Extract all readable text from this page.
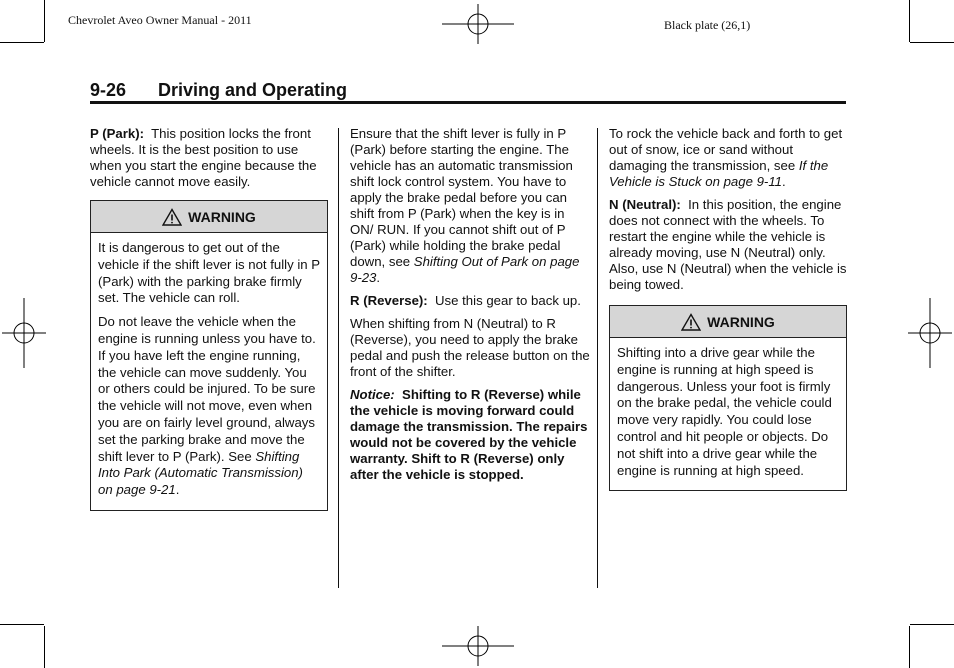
Chevrolet Aveo Owner Manual - 2011	Black plate (26,1)
9-26 Driving and Operating

P (Park): This position locks the front wheels. It is the best position to use when you start the engine because the vehicle cannot move easily.

WARNING

It is dangerous to get out of the vehicle if the shift lever is not fully in P (Park) with the parking brake firmly set. The vehicle can roll.

Do not leave the vehicle when the engine is running unless you have to. If you have left the engine running, the vehicle can move suddenly. You or others could be injured. To be sure the vehicle will not move, even when you are on fairly level ground, always set the parking brake and move the shift lever to P (Park). See Shifting Into Park (Automatic Transmission) on page 9-21.

Ensure that the shift lever is fully in P (Park) before starting the engine. The vehicle has an automatic transmission shift lock control system. You have to apply the brake pedal before you can shift from P (Park) when the key is in ON/ RUN. If you cannot shift out of P (Park) while holding the brake pedal down, see Shifting Out of Park on page 9-23.

R (Reverse): Use this gear to back up.

When shifting from N (Neutral) to R (Reverse), you need to apply the brake pedal and push the release button on the front of the shifter.

Notice: Shifting to R (Reverse) while the vehicle is moving forward could damage the transmission. The repairs would not be covered by the vehicle warranty. Shift to R (Reverse) only after the vehicle is stopped.

To rock the vehicle back and forth to get out of snow, ice or sand without damaging the transmission, see If the Vehicle is Stuck on page 9-11.

N (Neutral): In this position, the engine does not connect with the wheels. To restart the engine while the vehicle is already moving, use N (Neutral) only. Also, use N (Neutral) when the vehicle is being towed.

WARNING

Shifting into a drive gear while the engine is running at high speed is dangerous. Unless your foot is firmly on the brake pedal, the vehicle could move very rapidly. You could lose control and hit people or objects. Do not shift into a drive gear while the engine is running at high speed.
